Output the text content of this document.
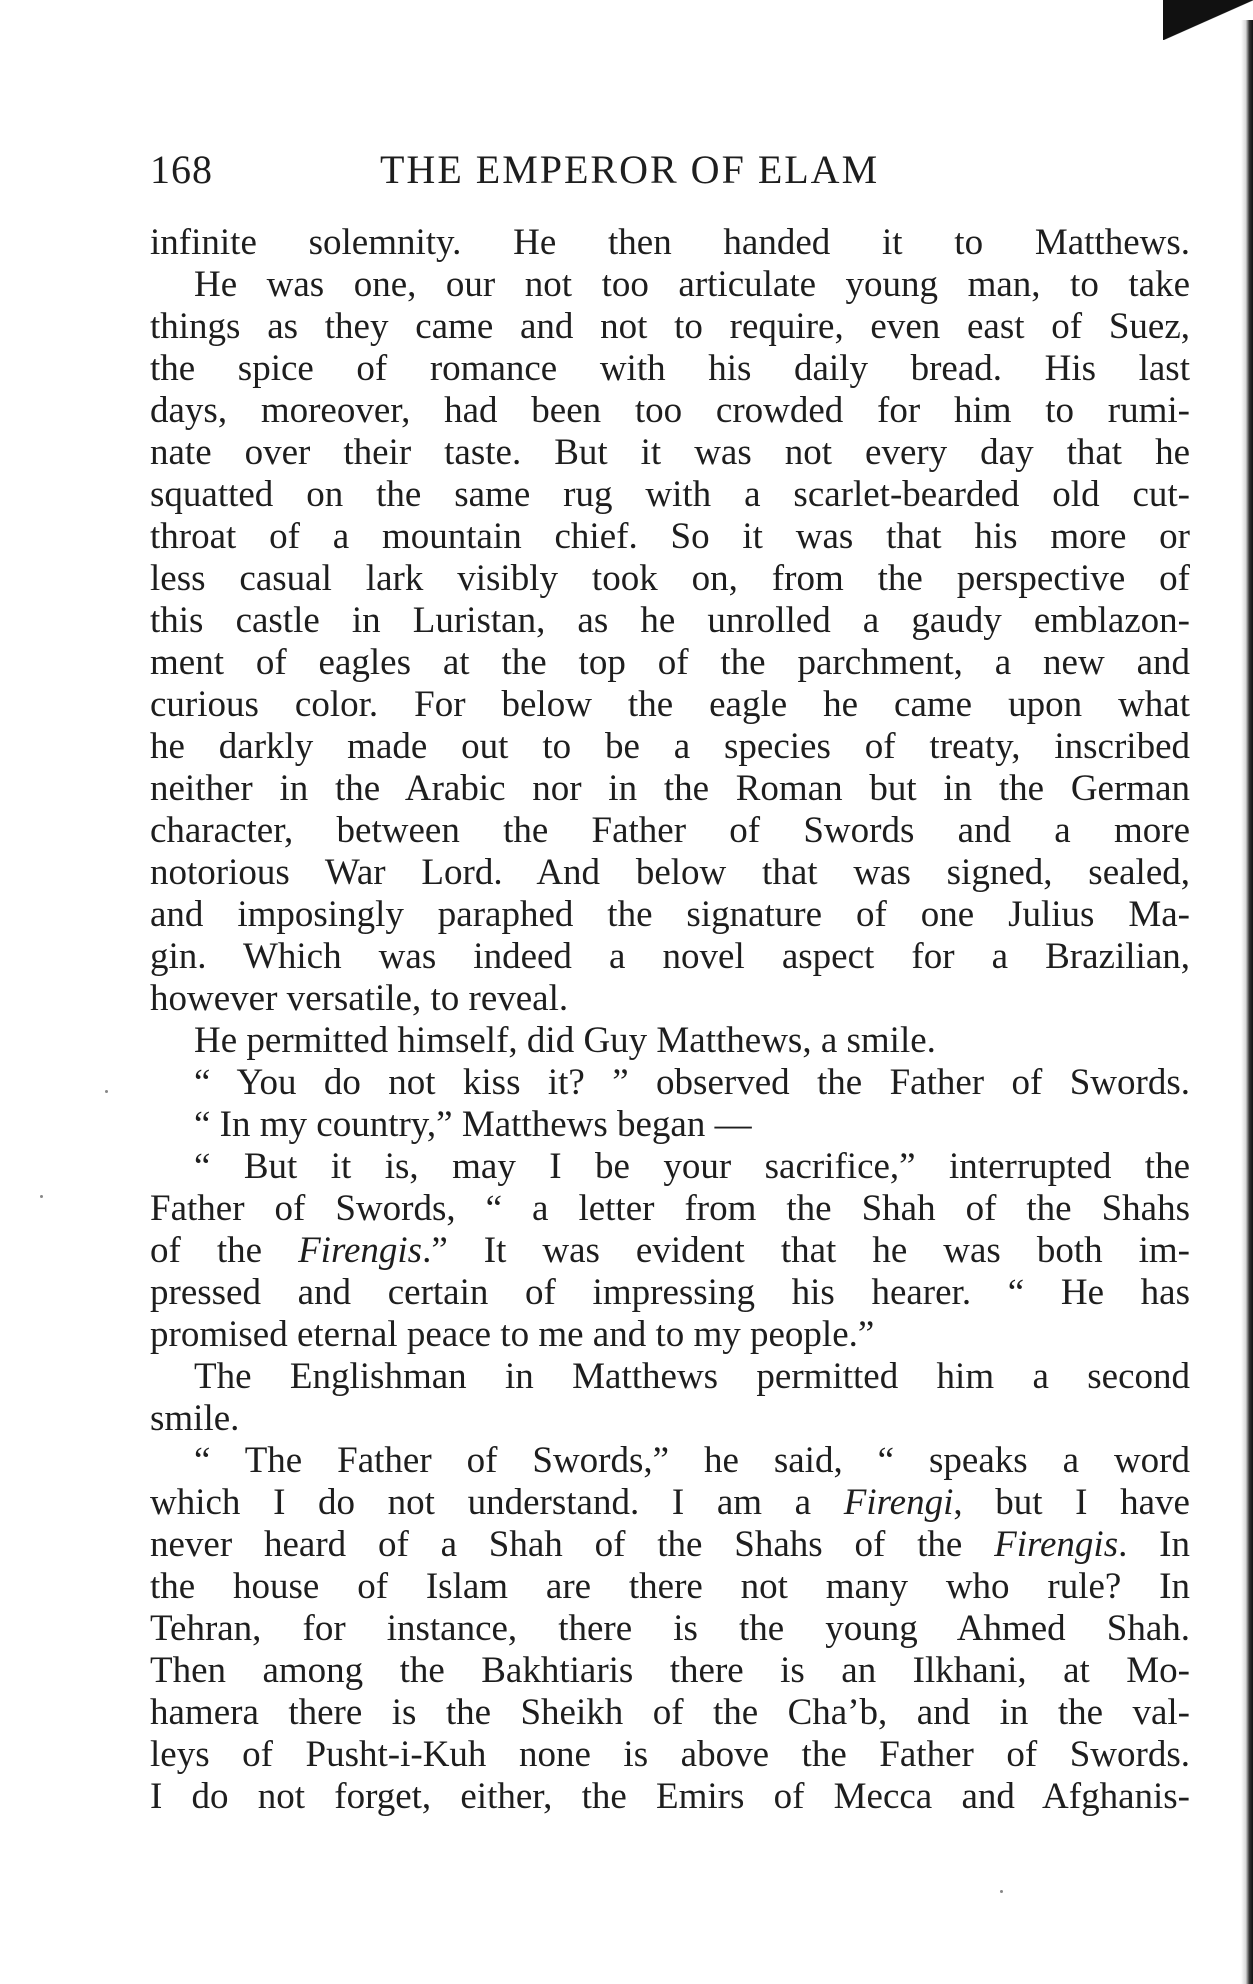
168	THE EMPEROR OF ELAM
infinite solemnity. He then handed it to Matthews.
He was one, our not too articulate young man, to take
things as they came and not to require, even east of Suez,
the spice of romance with his daily bread. His last
days, moreover, had been too crowded for him to rumi-
nate over their taste. But it was not every day that he
squatted on the same rug with a scarlet-bearded old cut-
throat of a mountain chief. So it was that his more or
less casual lark visibly took on, from the perspective of
this castle in Luristan, as he unrolled a gaudy emblazon-
ment of eagles at the top of the parchment, a new and
curious color. For below the eagle he came upon what
he darkly made out to be a species of treaty, inscribed
neither in the Arabic nor in the Roman but in the German
character, between the Father of Swords and a more
notorious War Lord. And below that was signed, sealed,
and imposingly paraphed the signature of one Julius Ma-
gin. Which was indeed a novel aspect for a Brazilian,
however versatile, to reveal.
He permitted himself, did Guy Matthews, a smile.
“ You do not kiss it? ” observed the Father of Swords.
“ In my country,” Matthews began —
“ But it is, may I be your sacrifice,” interrupted the
Father of Swords, “ a letter from the Shah of the Shahs
of the Firengis.” It was evident that he was both im-
pressed and certain of impressing his hearer. “ He has
promised eternal peace to me and to my people.”
The Englishman in Matthews permitted him a second
smile.
“ The Father of Swords,” he said, “ speaks a word
which I do not understand. I am a Firengi, but I have
never heard of a Shah of the Shahs of the Firengis. In
the house of Islam are there not many who rule? In
Tehran, for instance, there is the young Ahmed Shah.
Then among the Bakhtiaris there is an Ilkhani, at Mo-
hamera there is the Sheikh of the Cha’b, and in the val-
leys of Pusht-i-Kuh none is above the Father of Swords.
I do not forget, either, the Emirs of Mecca and Afghanis-
